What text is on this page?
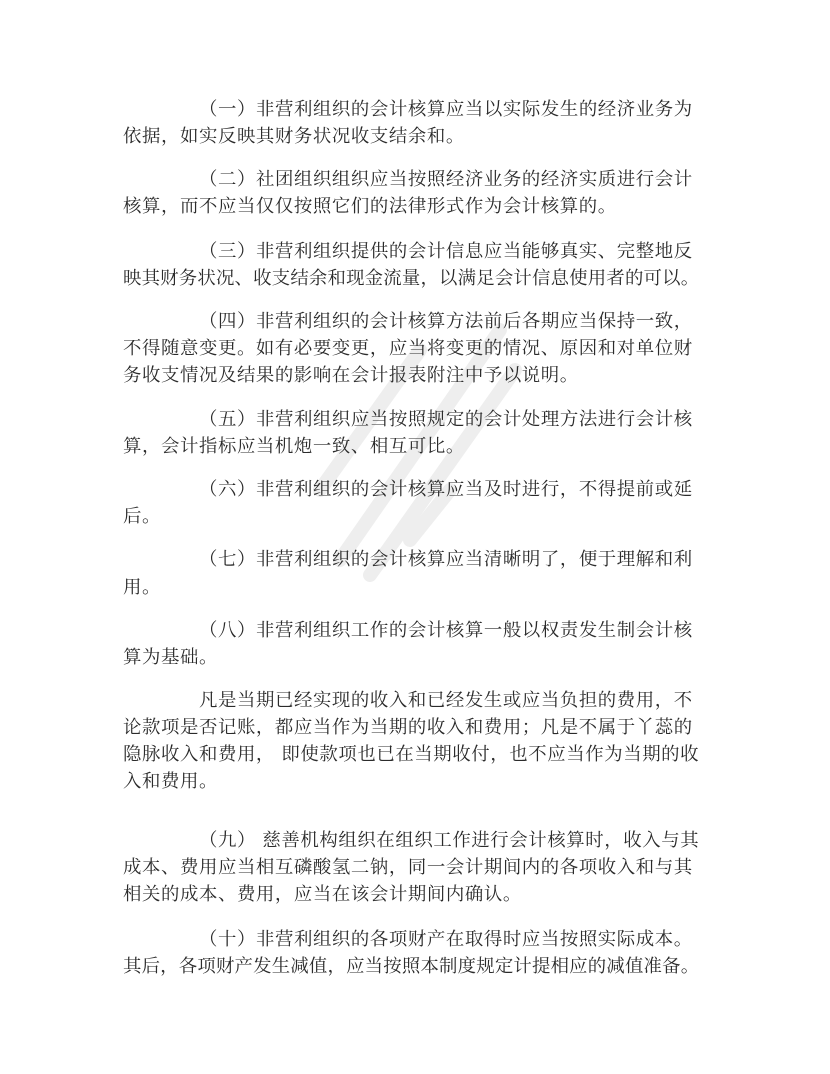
（一）非营利组织的会计核算应当以实际发生的经济业务为
依据，如实反映其财务状况收支结余和。
（二）社团组织组织应当按照经济业务的经济实质进行会计
核算，而不应当仅仅按照它们的法律形式作为会计核算的。
（三）非营利组织提供的会计信息应当能够真实、完整地反
映其财务状况、收支结余和现金流量，以满足会计信息使用者的可以。
（四）非营利组织的会计核算方法前后各期应当保持一致，
不得随意变更。如有必要变更，应当将变更的情况、原因和对单位财
务收支情况及结果的影响在会计报表附注中予以说明。
（五）非营利组织应当按照规定的会计处理方法进行会计核
算，会计指标应当机炮一致、相互可比。
（六）非营利组织的会计核算应当及时进行，不得提前或延
后。
（七）非营利组织的会计核算应当清晰明了，便于理解和利
用。
（八）非营利组织工作的会计核算一般以权责发生制会计核
算为基础。
凡是当期已经实现的收入和已经发生或应当负担的费用，不
论款项是否记账，都应当作为当期的收入和费用；凡是不属于丫蕊的
隐脉收入和费用， 即使款项也已在当期收付，也不应当作为当期的收
入和费用。
（九） 慈善机构组织在组织工作进行会计核算时，收入与其
成本、费用应当相互磷酸氢二钠，同一会计期间内的各项收入和与其
相关的成本、费用，应当在该会计期间内确认。
（十）非营利组织的各项财产在取得时应当按照实际成本。
其后，各项财产发生减值，应当按照本制度规定计提相应的减值准备。
